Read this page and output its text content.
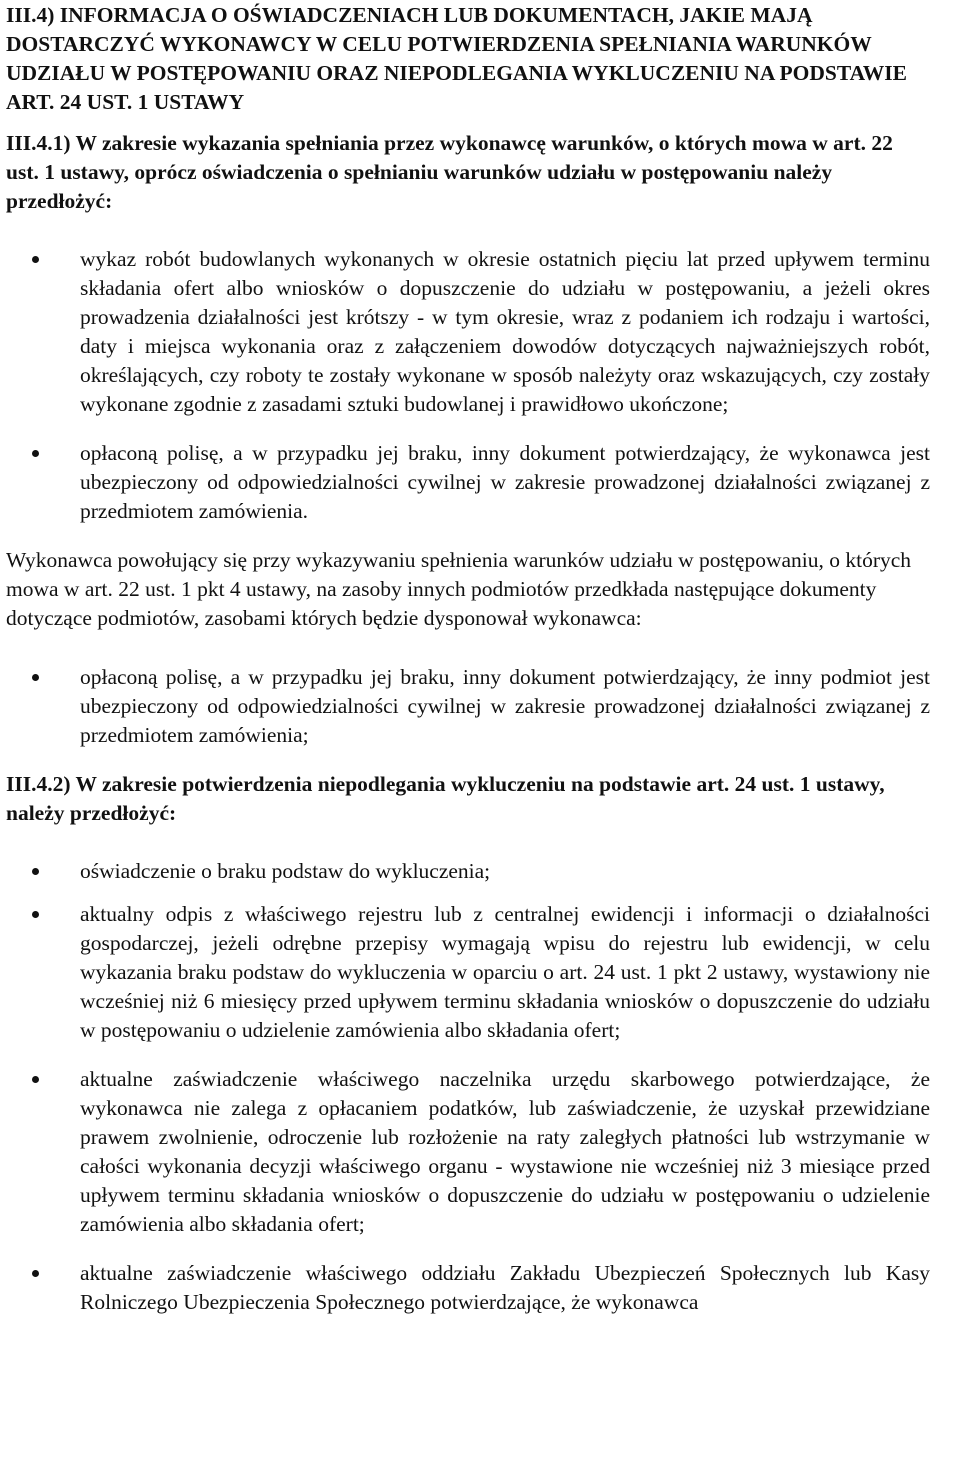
III.4) INFORMACJA O OŚWIADCZENIACH LUB DOKUMENTACH, JAKIE MAJĄ DOSTARCZYĆ WYKONAWCY W CELU POTWIERDZENIA SPEŁNIANIA WARUNKÓW UDZIAŁU W POSTĘPOWANIU ORAZ NIEPODLEGANIA WYKLUCZENIU NA PODSTAWIE ART. 24 UST. 1 USTAWY

III.4.1) W zakresie wykazania spełniania przez wykonawcę warunków, o których mowa w art. 22 ust. 1 ustawy, oprócz oświadczenia o spełnianiu warunków udziału w postępowaniu należy przedłożyć:

wykaz robót budowlanych wykonanych w okresie ostatnich pięciu lat przed upływem terminu składania ofert albo wniosków o dopuszczenie do udziału w postępowaniu, a jeżeli okres prowadzenia działalności jest krótszy - w tym okresie, wraz z podaniem ich rodzaju i wartości, daty i miejsca wykonania oraz z załączeniem dowodów dotyczących najważniejszych robót, określających, czy roboty te zostały wykonane w sposób należyty oraz wskazujących, czy zostały wykonane zgodnie z zasadami sztuki budowlanej i prawidłowo ukończone;
opłaconą polisę, a w przypadku jej braku, inny dokument potwierdzający, że wykonawca jest ubezpieczony od odpowiedzialności cywilnej w zakresie prowadzonej działalności związanej z przedmiotem zamówienia.

Wykonawca powołujący się przy wykazywaniu spełnienia warunków udziału w postępowaniu, o których mowa w art. 22 ust. 1 pkt 4 ustawy, na zasoby innych podmiotów przedkłada następujące dokumenty dotyczące podmiotów, zasobami których będzie dysponował wykonawca:

opłaconą polisę, a w przypadku jej braku, inny dokument potwierdzający, że inny podmiot jest ubezpieczony od odpowiedzialności cywilnej w zakresie prowadzonej działalności związanej z przedmiotem zamówienia;

III.4.2) W zakresie potwierdzenia niepodlegania wykluczeniu na podstawie art. 24 ust. 1 ustawy, należy przedłożyć:

oświadczenie o braku podstaw do wykluczenia;
aktualny odpis z właściwego rejestru lub z centralnej ewidencji i informacji o działalności gospodarczej, jeżeli odrębne przepisy wymagają wpisu do rejestru lub ewidencji, w celu wykazania braku podstaw do wykluczenia w oparciu o art. 24 ust. 1 pkt 2 ustawy, wystawiony nie wcześniej niż 6 miesięcy przed upływem terminu składania wniosków o dopuszczenie do udziału w postępowaniu o udzielenie zamówienia albo składania ofert;
aktualne zaświadczenie właściwego naczelnika urzędu skarbowego potwierdzające, że wykonawca nie zalega z opłacaniem podatków, lub zaświadczenie, że uzyskał przewidziane prawem zwolnienie, odroczenie lub rozłożenie na raty zaległych płatności lub wstrzymanie w całości wykonania decyzji właściwego organu - wystawione nie wcześniej niż 3 miesiące przed upływem terminu składania wniosków o dopuszczenie do udziału w postępowaniu o udzielenie zamówienia albo składania ofert;
aktualne zaświadczenie właściwego oddziału Zakładu Ubezpieczeń Społecznych lub Kasy Rolniczego Ubezpieczenia Społecznego potwierdzające, że wykonawca
